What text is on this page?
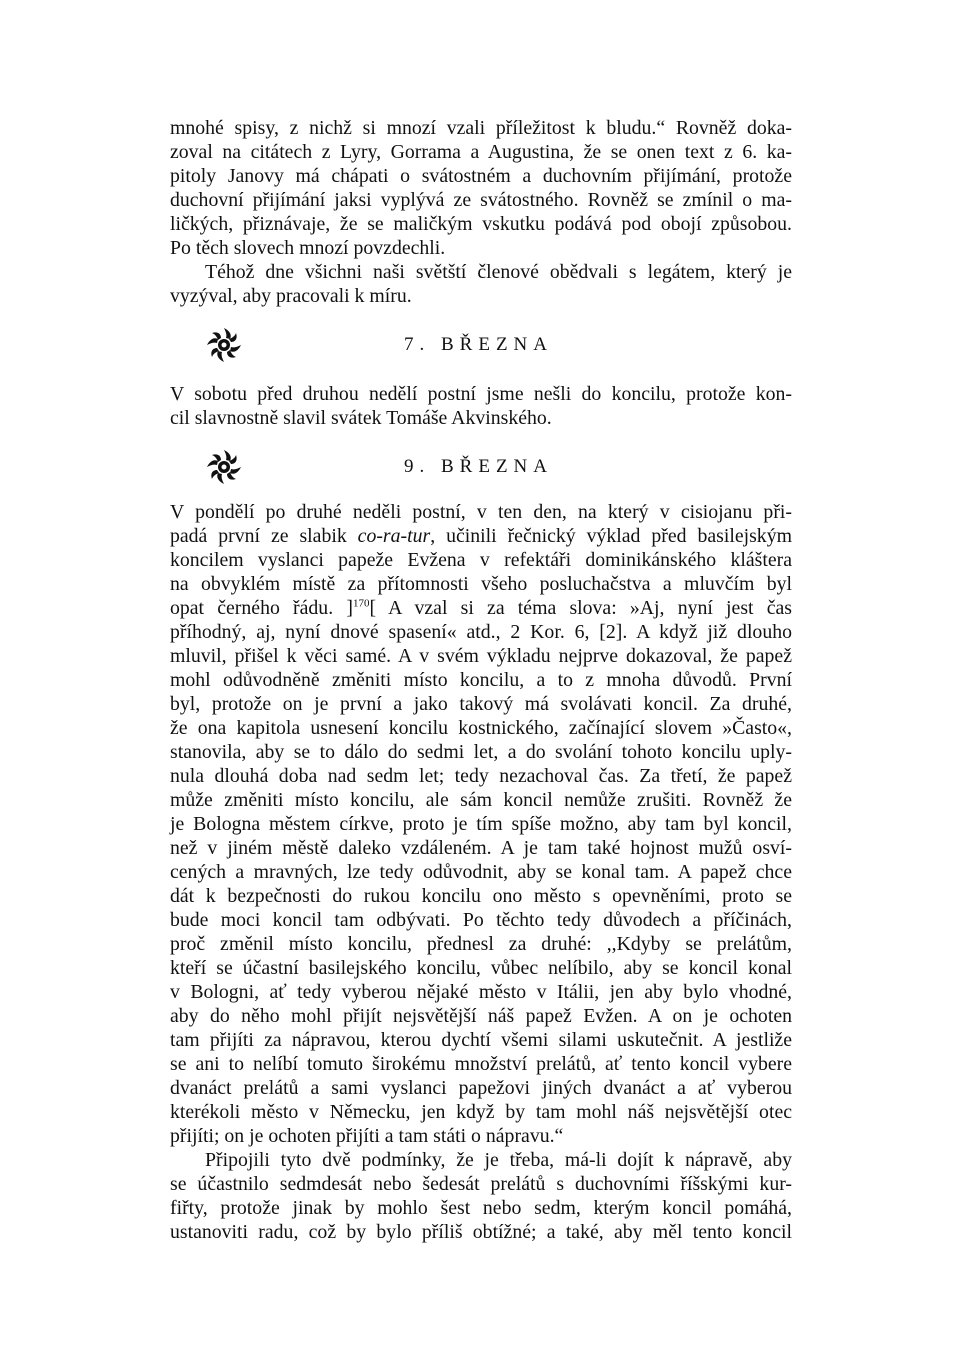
mnohé spisy, z nichž si mnozí vzali příležitost k bludu.“ Rovněž doka-
zoval na citátech z Lyry, Gorrama a Augustina, že se onen text z 6. ka-
pitoly Janovy má chápati o svátostném a duchovním přijímání, protože
duchovní přijímání jaksi vyplývá ze svátostného. Rovněž se zmínil o ma-
ličkých, přiznávaje, že se maličkým vskutku podává pod obojí způsobou.
Po těch slovech mnozí povzdechli.
Téhož dne všichni naši světští členové obědvali s legátem, který je
vyzýval, aby pracovali k míru.
7. BŘEZNA
V sobotu před druhou nedělí postní jsme nešli do koncilu, protože kon-
cil slavnostně slavil svátek Tomáše Akvinského.
9. BŘEZNA
V pondělí po druhé neděli postní, v ten den, na který v cisiojanu při-
padá první ze slabik co-ra-tur, učinili řečnický výklad před basilejským
koncilem vyslanci papeže Evžena v refektáři dominikánského kláštera
na obvyklém místě za přítomnosti všeho posluchačstva a mluvčím byl
opat černého řádu. ]$^{170}$[ A vzal si za téma slova: »Aj, nyní jest čas
příhodný, aj, nyní dnové spasení« atd., 2 Kor. 6, [2]. A když již dlouho
mluvil, přišel k věci samé. A v svém výkladu nejprve dokazoval, že papež
mohl odůvodněně změniti místo koncilu, a to z mnoha důvodů. První
byl, protože on je první a jako takový má svolávati koncil. Za druhé,
že ona kapitola usnesení koncilu kostnického, začínající slovem »Často«,
stanovila, aby se to dálo do sedmi let, a do svolání tohoto koncilu uply-
nula dlouhá doba nad sedm let; tedy nezachoval čas. Za třetí, že papež
může změniti místo koncilu, ale sám koncil nemůže zrušiti. Rovněž že
je Bologna městem církve, proto je tím spíše možno, aby tam byl koncil,
než v jiném městě daleko vzdáleném. A je tam také hojnost mužů osví-
cených a mravných, lze tedy odůvodnit, aby se konal tam. A papež chce
dát k bezpečnosti do rukou koncilu ono město s opevněními, proto se
bude moci koncil tam odbývati. Po těchto tedy důvodech a příčinách,
proč změnil místo koncilu, přednesl za druhé: ,,Kdyby se prelátům,
kteří se účastní basilejského koncilu, vůbec nelíbilo, aby se koncil konal
v Bologni, ať tedy vyberou nějaké město v Itálii, jen aby bylo vhodné,
aby do něho mohl přijít nejsvětější náš papež Evžen. A on je ochoten
tam přijíti za nápravou, kterou dychtí všemi silami uskutečnit. A jestliže
se ani to nelíbí tomuto širokému množství prelátů, ať tento koncil vybere
dvanáct prelátů a sami vyslanci papežovi jiných dvanáct a ať vyberou
kterékoli město v Německu, jen když by tam mohl náš nejsvětější otec
přijíti; on je ochoten přijíti a tam státi o nápravu.“
Připojili tyto dvě podmínky, že je třeba, má-li dojít k nápravě, aby
se účastnilo sedmdesát nebo šedesát prelátů s duchovními říšskými kur-
fiřty, protože jinak by mohlo šest nebo sedm, kterým koncil pomáhá,
ustanoviti radu, což by bylo příliš obtížné; a také, aby měl tento koncil
